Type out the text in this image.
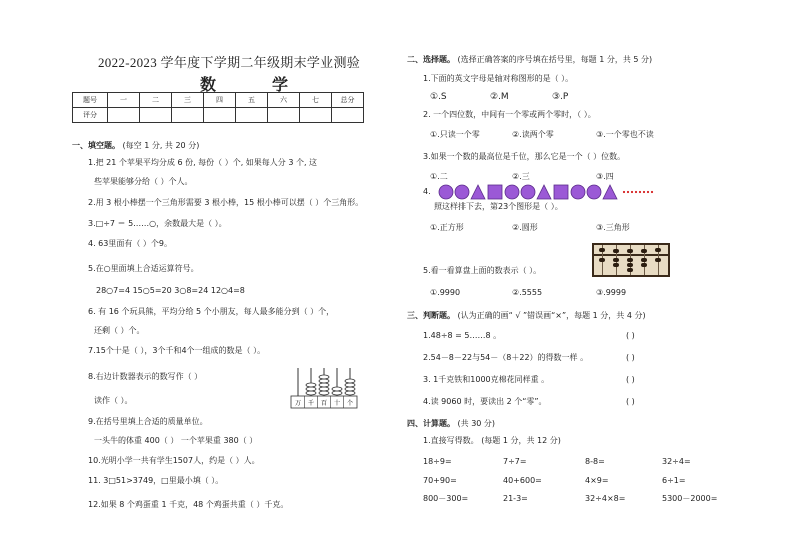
2022-2023 学年度下学期二年级期末学业测验
数 学
题号	一	二	三	四	五	六	七	总分
评分								
一、填空题。 (每空 1 分, 共 20 分)
1.把 21 个苹果平均分成 6 份, 每份（ ）个, 如果每人分 3 个, 这
些苹果能够分给（ ）个人。
2.用 3 根小棒摆一个三角形需要 3 根小棒，15 根小棒可以摆（ ）个三角形。
3.□÷7 ＝ 5……○，余数最大是（ ）。
4. 63里面有（ ）个9。
5.在○里面填上合适运算符号。
28○7=4 15○5=20 3○8=24 12○4=8
6. 有 16 个玩具熊，平均分给 5 个小朋友，每人最多能分到（ ）个，
还剩（ ）个。
7.15个十是（ ），3个千和4个一组成的数是（ ）。
8.右边计数器表示的数写作（ ）
读作（ ）。	万 千 百 十 个
9.在括号里填上合适的质量单位。
一头牛的体重 400（ ） 一个苹果重 380（ ）
10.光明小学一共有学生1507人，约是（ ）人。
11. 3□51>3749，□里最小填（ ）。
12.如果 8 个鸡蛋重 1 千克，48 个鸡蛋共重（ ）千克。
二、选择题。 (选择正确答案的序号填在括号里，每题 1 分，共 5 分)
1.下面的英文字母是轴对称图形的是（ ）。
①.S	②.M	③.P
2. 一个四位数，中间有一个零或两个零时，（ ）。
①.只读一个零	②.读两个零	③.一个零也不读
3.如果一个数的最高位是千位，那么它是一个（ ）位数。
①.二	②.三	③.四
4.
照这样排下去，第23个图形是（ ）。
①.正方形	②.圆形	③.三角形
5.看一看算盘上面的数表示（ ）。
①.9990	②.5555	③.9999
三、判断题。 (认为正确的画“ √ ”错误画“×”，每题 1 分，共 4 分)
1.48÷8 = 5……8 。	( )
2.54－8－22与54－（8＋22）的得数一样 。	( )
3. 1千克铁和1000克棉花同样重 。	( )
4.读 9060 时，要读出 2 个“零”。	( )
四、计算题。 (共 30 分)
1.直接写得数。 (每题 1 分，共 12 分)
18÷9=	7÷7=	8-8=	32÷4=
70+90=	40+600=	4×9=	6÷1=
800－300=	21-3=	32÷4×8=	5300－2000=
